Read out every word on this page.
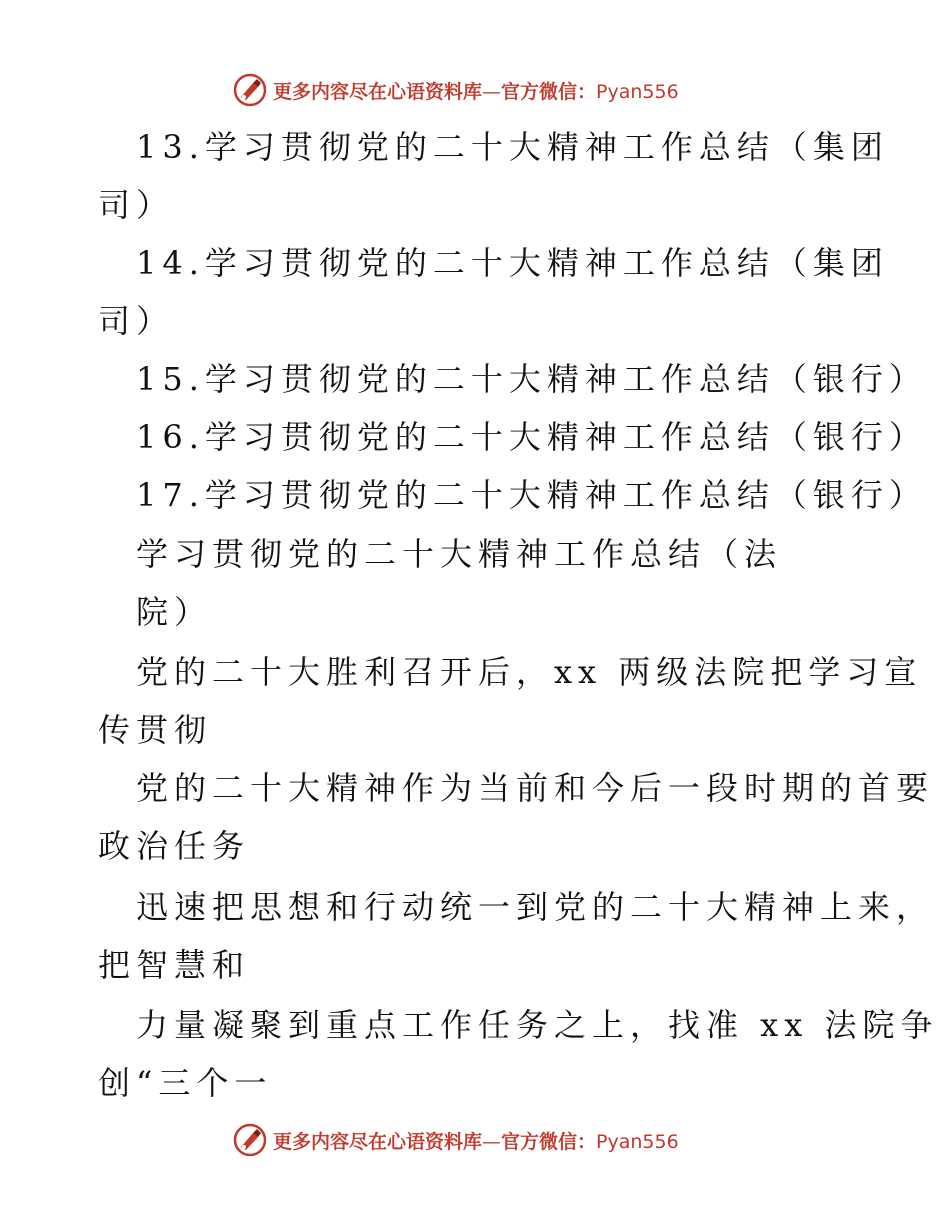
更多内容尽在心语资料库—官方微信：Pyan556
13.学习贯彻党的二十大精神工作总结（集团
司）
14.学习贯彻党的二十大精神工作总结（集团
司）
15.学习贯彻党的二十大精神工作总结（银行）
16.学习贯彻党的二十大精神工作总结（银行）
17.学习贯彻党的二十大精神工作总结（银行）
学习贯彻党的二十大精神工作总结（法
院）
党的二十大胜利召开后，xx 两级法院把学习宣
传贯彻
党的二十大精神作为当前和今后一段时期的首要
政治任务
迅速把思想和行动统一到党的二十大精神上来，
把智慧和
力量凝聚到重点工作任务之上，找准 xx 法院争
创“三个一
更多内容尽在心语资料库—官方微信：Pyan556
